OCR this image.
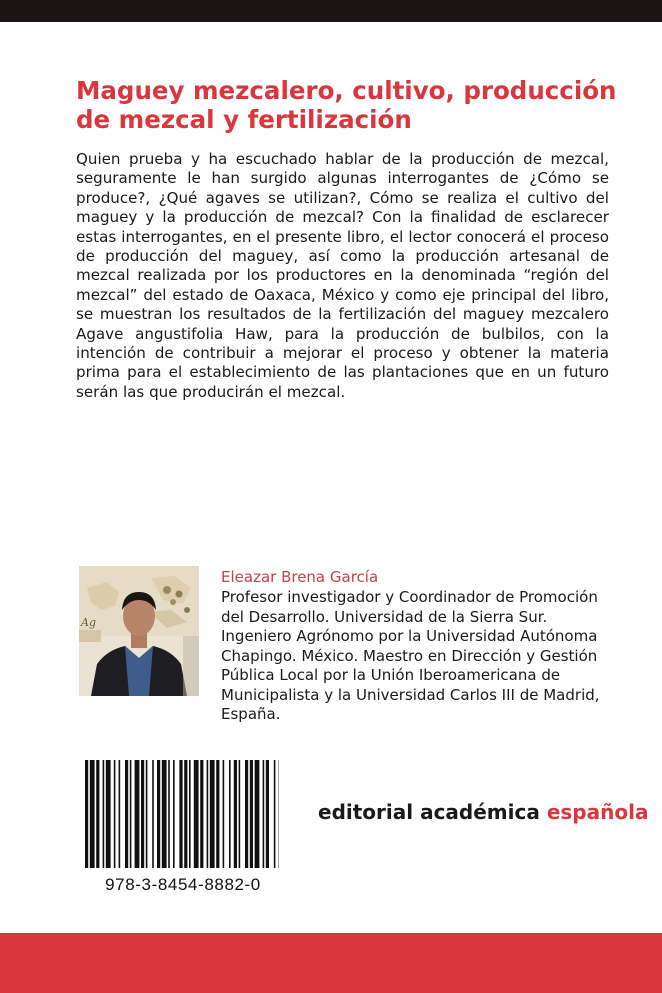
Maguey mezcalero, cultivo, producción de mezcal y fertilización

Quien prueba y ha escuchado hablar de la producción de mezcal, seguramente le han surgido algunas interrogantes de ¿Cómo se produce?, ¿Qué agaves se utilizan?, Cómo se realiza el cultivo del maguey y la producción de mezcal? Con la finalidad de esclarecer estas interrogantes, en el presente libro, el lector conocerá el proceso de producción del maguey, así como la producción artesanal de mezcal realizada por los productores en la denominada “región del mezcal” del estado de Oaxaca, México y como eje principal del libro, se muestran los resultados de la fertilización del maguey mezcalero Agave angustifolia Haw, para la producción de bulbilos, con la intención de contribuir a mejorar el proceso y obtener la materia prima para el establecimiento de las plantaciones que en un futuro serán las que producirán el mezcal.

Ag

Eleazar Brena García

Profesor investigador y Coordinador de Promoción del Desarrollo. Universidad de la Sierra Sur. Ingeniero Agrónomo por la Universidad Autónoma Chapingo. México. Maestro en Dirección y Gestión Pública Local por la Unión Iberoamericana de Municipalista y la Universidad Carlos III de Madrid, España.

978-3-8454-8882-0

editorial académica española
